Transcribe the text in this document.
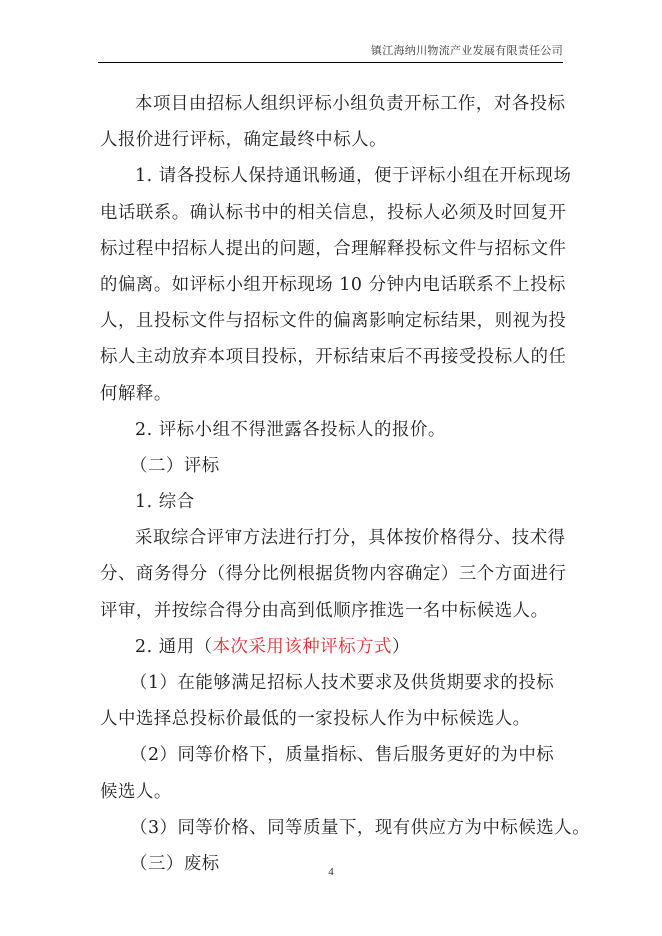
镇江海纳川物流产业发展有限责任公司
本项目由招标人组织评标小组负责开标工作，对各投标
人报价进行评标，确定最终中标人。
1. 请各投标人保持通讯畅通，便于评标小组在开标现场
电话联系。确认标书中的相关信息，投标人必须及时回复开
标过程中招标人提出的问题，合理解释投标文件与招标文件
的偏离。如评标小组开标现场 10 分钟内电话联系不上投标
人，且投标文件与招标文件的偏离影响定标结果，则视为投
标人主动放弃本项目投标，开标结束后不再接受投标人的任
何解释。
2. 评标小组不得泄露各投标人的报价。
（二）评标
1. 综合
采取综合评审方法进行打分，具体按价格得分、技术得
分、商务得分（得分比例根据货物内容确定）三个方面进行
评审，并按综合得分由高到低顺序推选一名中标候选人。
2. 通用（本次采用该种评标方式）
（1）在能够满足招标人技术要求及供货期要求的投标
人中选择总投标价最低的一家投标人作为中标候选人。
（2）同等价格下，质量指标、售后服务更好的为中标
候选人。
（3）同等价格、同等质量下，现有供应方为中标候选人。
（三）废标	4
